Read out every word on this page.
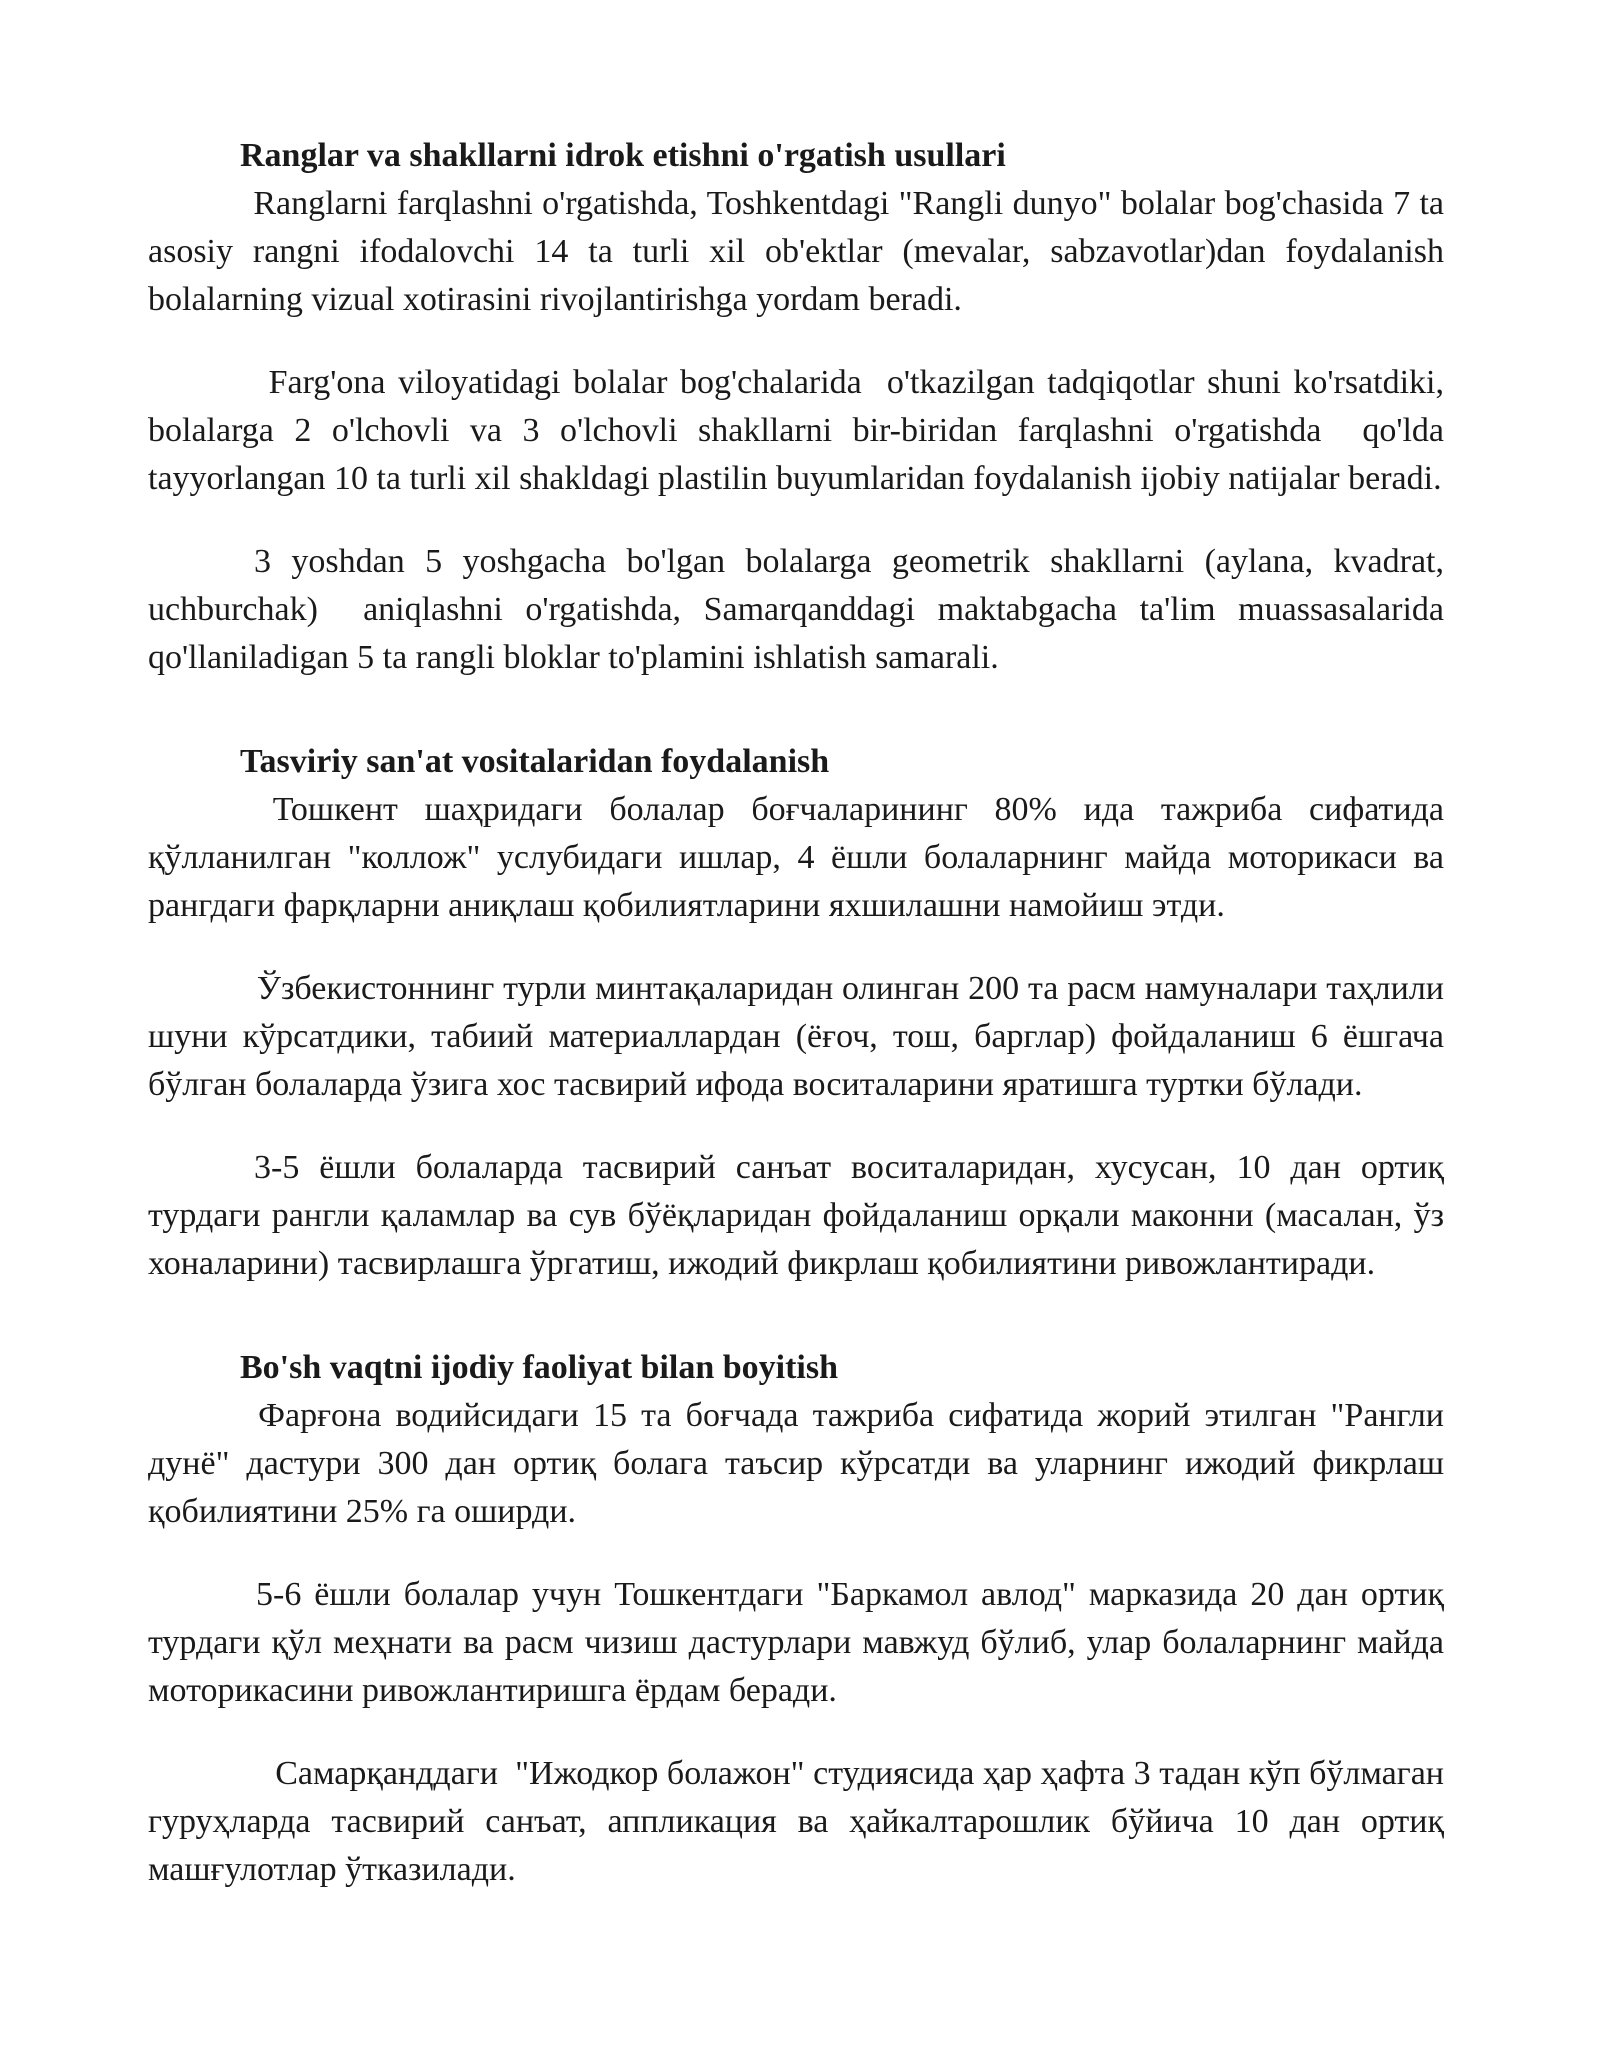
Ranglar va shakllarni idrok etishni o'rgatish usullari

Ranglarni farqlashni o'rgatishda, Toshkentdagi "Rangli dunyo" bolalar bog'chasida 7 ta asosiy rangni ifodalovchi 14 ta turli xil ob'ektlar (mevalar, sabzavotlar)dan foydalanish bolalarning vizual xotirasini rivojlantirishga yordam beradi.

Farg'ona viloyatidagi bolalar bog'chalarida  o'tkazilgan tadqiqotlar shuni ko'rsatdiki, bolalarga 2 o'lchovli va 3 o'lchovli shakllarni bir-biridan farqlashni o'rgatishda  qo'lda tayyorlangan 10 ta turli xil shakldagi plastilin buyumlaridan foydalanish ijobiy natijalar beradi.

3 yoshdan 5 yoshgacha bo'lgan bolalarga geometrik shakllarni (aylana, kvadrat, uchburchak)  aniqlashni o'rgatishda, Samarqanddagi maktabgacha ta'lim muassasalarida qo'llaniladigan 5 ta rangli bloklar to'plamini ishlatish samarali.

Tasviriy san'at vositalaridan foydalanish

Тошкент шаҳридаги болалар боғчаларининг 80% ида тажриба сифатида қўлланилган "коллож" услубидаги ишлар, 4 ёшли болаларнинг майда моторикаси ва рангдаги фарқларни аниқлаш қобилиятларини яхшилашни намойиш этди.

Ўзбекистоннинг турли минтақаларидан олинган 200 та расм намуналари таҳлили шуни кўрсатдики, табиий материаллардан (ёғоч, тош, барглар) фойдаланиш 6 ёшгача бўлган болаларда ўзига хос тасвирий ифода воситаларини яратишга туртки бўлади.

3-5 ёшли болаларда тасвирий санъат воситаларидан, хусусан, 10 дан ортиқ турдаги рангли қаламлар ва сув бўёқларидан фойдаланиш орқали маконни (масалан, ўз хоналарини) тасвирлашга ўргатиш, ижодий фикрлаш қобилиятини ривожлантиради.

Bo'sh vaqtni ijodiy faoliyat bilan boyitish

Фарғона водийсидаги 15 та боғчада тажриба сифатида жорий этилган "Рангли дунё" дастури 300 дан ортиқ болага таъсир кўрсатди ва уларнинг ижодий фикрлаш қобилиятини 25% га оширди.

5-6 ёшли болалар учун Тошкентдаги "Баркамол авлод" марказида 20 дан ортиқ турдаги қўл меҳнати ва расм чизиш дастурлари мавжуд бўлиб, улар болаларнинг майда моторикасини ривожлантиришга ёрдам беради.

Самарқанддаги  "Ижодкор болажон" студиясида ҳар ҳафта 3 тадан кўп бўлмаган гуруҳларда тасвирий санъат, аппликация ва ҳайкалтарошлик бўйича 10 дан ортиқ машғулотлар ўтказилади.
